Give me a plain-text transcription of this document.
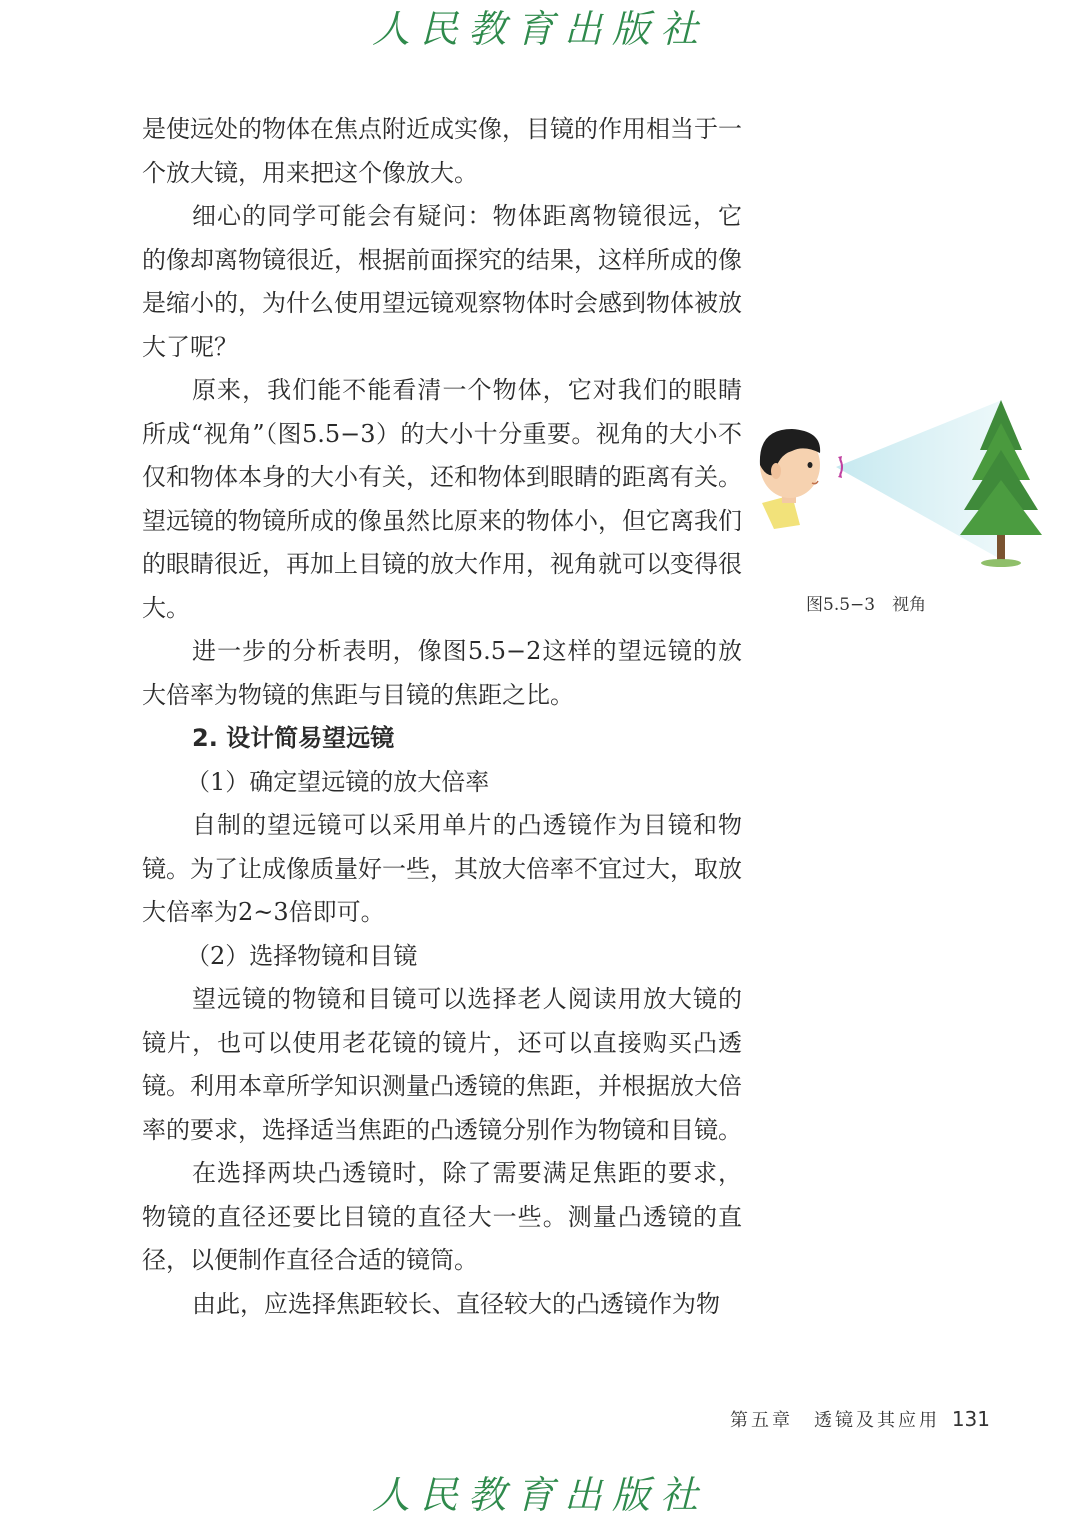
人民教育出版社

是使远处的物体在焦点附近成实像，目镜的作用相当于一个放大镜，用来把这个像放大。

细心的同学可能会有疑问：物体距离物镜很远，它的像却离物镜很近，根据前面探究的结果，这样所成的像是缩小的，为什么使用望远镜观察物体时会感到物体被放大了呢？

原来，我们能不能看清一个物体，它对我们的眼睛所成“视角”（图5.5−3）的大小十分重要。视角的大小不仅和物体本身的大小有关，还和物体到眼睛的距离有关。望远镜的物镜所成的像虽然比原来的物体小，但它离我们的眼睛很近，再加上目镜的放大作用，视角就可以变得很大。

进一步的分析表明，像图5.5−2这样的望远镜的放大倍率为物镜的焦距与目镜的焦距之比。

2. 设计简易望远镜

（1）确定望远镜的放大倍率

自制的望远镜可以采用单片的凸透镜作为目镜和物镜。为了让成像质量好一些，其放大倍率不宜过大，取放大倍率为2~3倍即可。

（2）选择物镜和目镜

望远镜的物镜和目镜可以选择老人阅读用放大镜的镜片，也可以使用老花镜的镜片，还可以直接购买凸透镜。利用本章所学知识测量凸透镜的焦距，并根据放大倍率的要求，选择适当焦距的凸透镜分别作为物镜和目镜。

在选择两块凸透镜时，除了需要满足焦距的要求，物镜的直径还要比目镜的直径大一些。测量凸透镜的直径，以便制作直径合适的镜筒。

由此，应选择焦距较长、直径较大的凸透镜作为物

图5.5−3　视角
第五章　透镜及其应用 131
人民教育出版社
